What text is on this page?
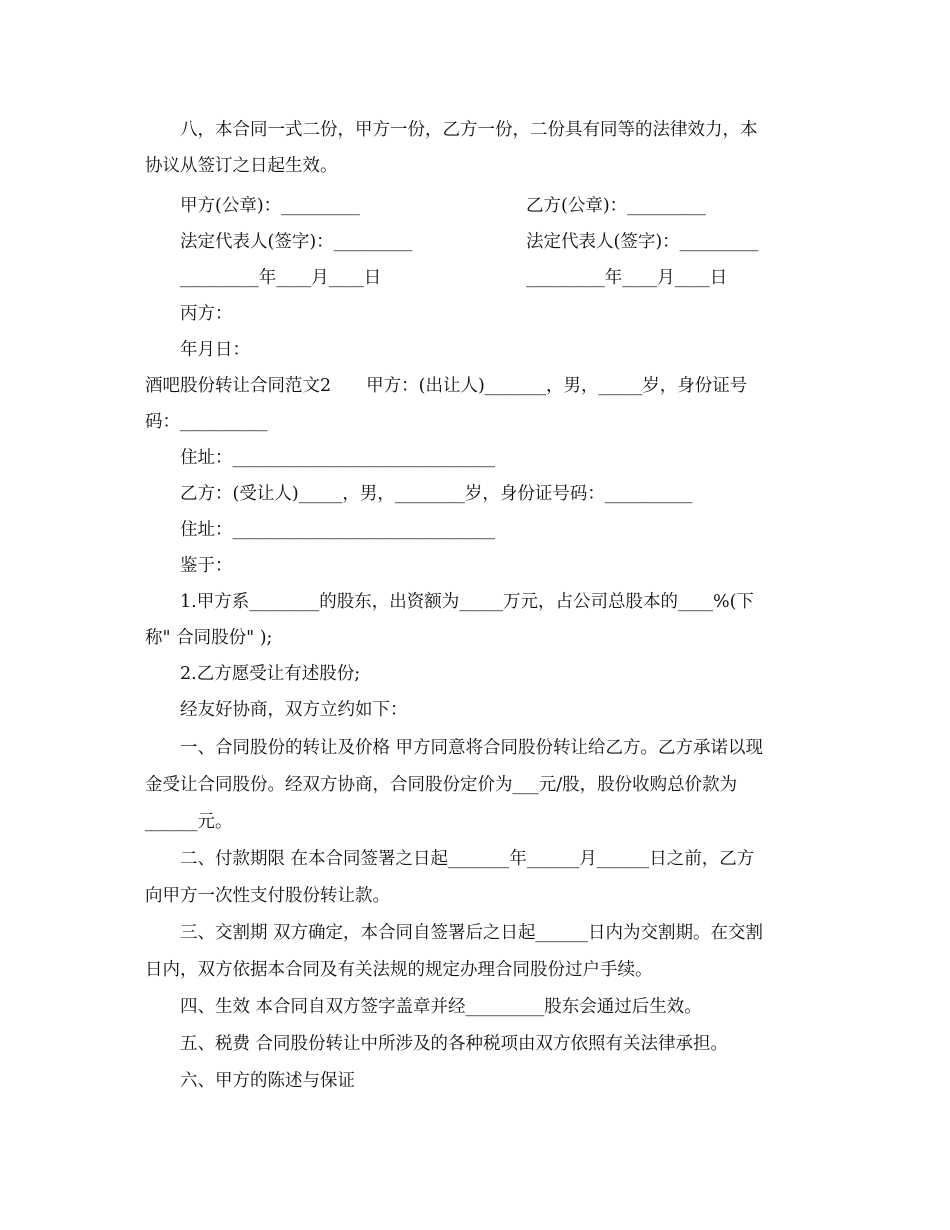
八，本合同一式二份，甲方一份，乙方一份，二份具有同等的法律效力，本
协议从签订之日起生效。
甲方(公章)：_________	乙方(公章)：_________
法定代表人(签字)：_________	法定代表人(签字)：_________
_________年____月____日	_________年____月____日
丙方：
年月日：
酒吧股份转让合同范文2　　甲方：(出让人)_______，男，_____岁，身份证号
码：__________
住址：______________________________
乙方：(受让人)_____，男，________岁，身份证号码：__________
住址：______________________________
鉴于：
1.甲方系________的股东，出资额为_____万元，占公司总股本的____%(下
称" 合同股份" );
2.乙方愿受让有述股份;
经友好协商，双方立约如下：
一、合同股份的转让及价格 甲方同意将合同股份转让给乙方。乙方承诺以现
金受让合同股份。经双方协商，合同股份定价为___元/股，股份收购总价款为
______元。
二、付款期限 在本合同签署之日起_______年______月______日之前，乙方
向甲方一次性支付股份转让款。
三、交割期 双方确定，本合同自签署后之日起______日内为交割期。在交割
日内，双方依据本合同及有关法规的规定办理合同股份过户手续。
四、生效 本合同自双方签字盖章并经_________股东会通过后生效。
五、税费 合同股份转让中所涉及的各种税项由双方依照有关法律承担。
六、甲方的陈述与保证
